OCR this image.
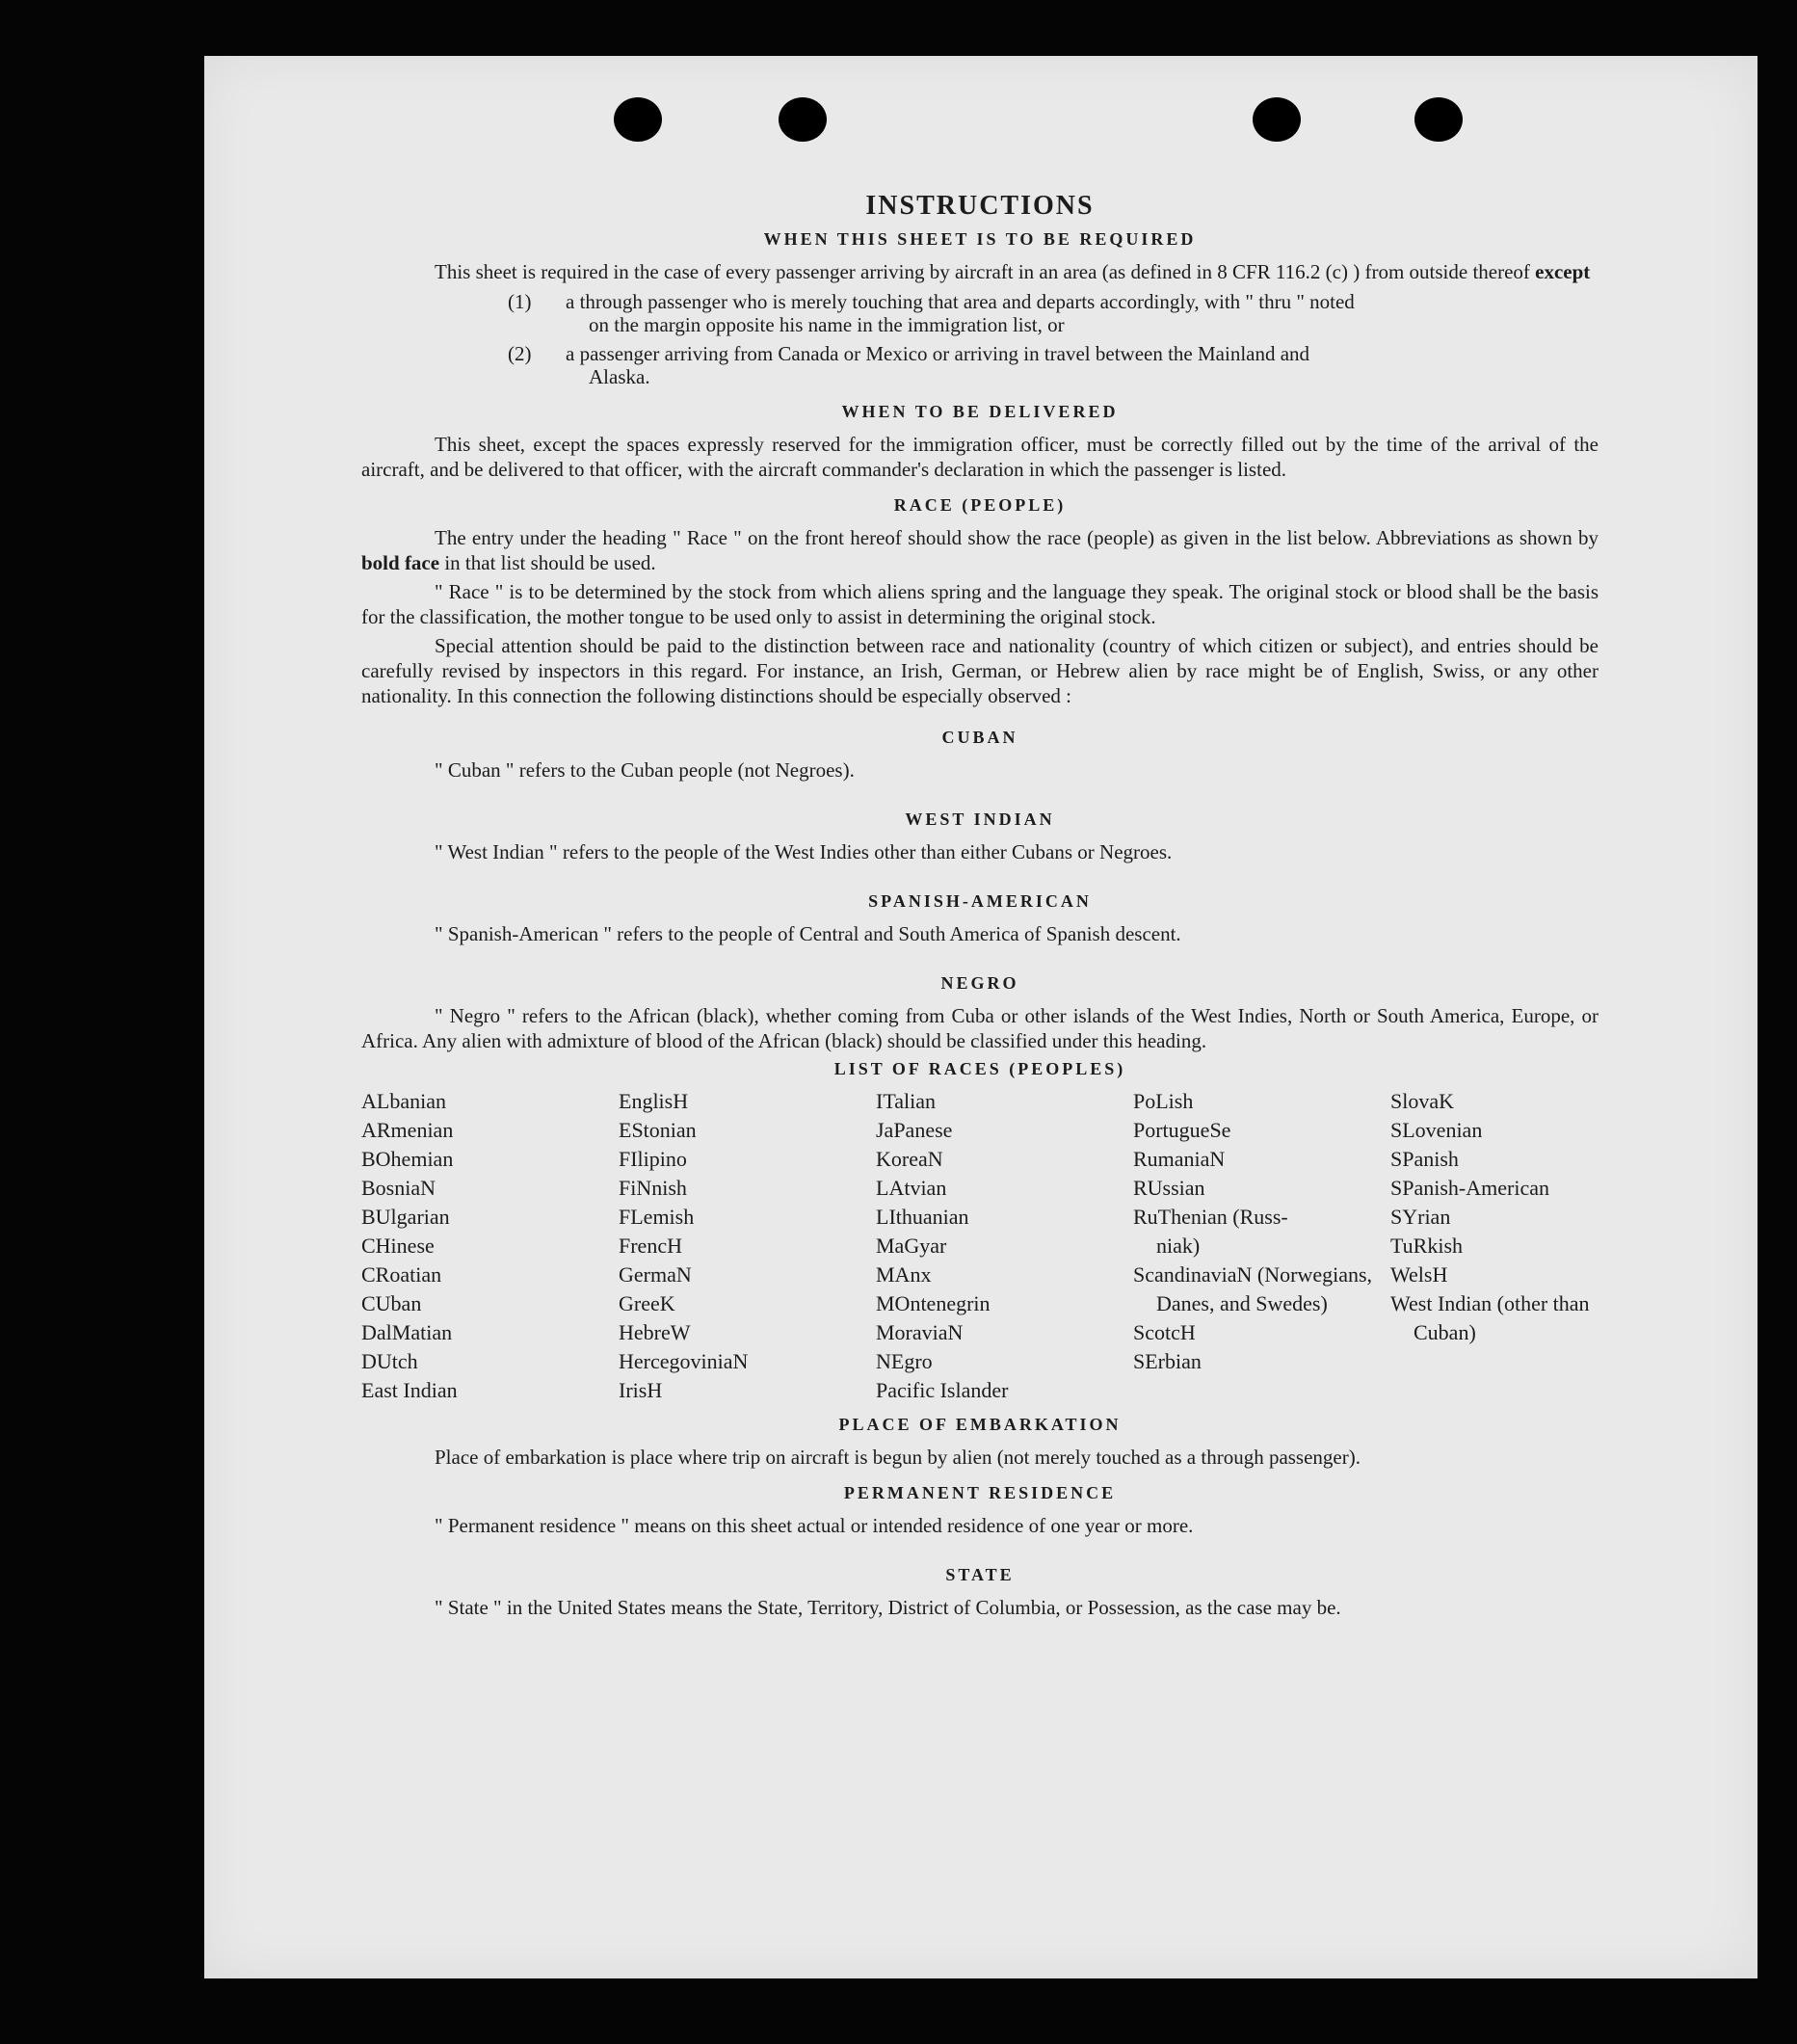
INSTRUCTIONS
WHEN THIS SHEET IS TO BE REQUIRED

This sheet is required in the case of every passenger arriving by aircraft in an area (as defined in 8 CFR 116.2 (c) ) from outside thereof except

(1)	a through passenger who is merely touching that area and departs accordingly, with " thru " noted
on the margin opposite his name in the immigration list, or
(2)	a passenger arriving from Canada or Mexico or arriving in travel between the Mainland and
Alaska.
WHEN TO BE DELIVERED

This sheet, except the spaces expressly reserved for the immigration officer, must be correctly filled out by the time of the arrival of the aircraft, and be delivered to that officer, with the aircraft commander's declaration in which the passenger is listed.

RACE (PEOPLE)

The entry under the heading " Race " on the front hereof should show the race (people) as given in the list below. Abbreviations as shown by bold face in that list should be used.

" Race " is to be determined by the stock from which aliens spring and the language they speak. The original stock or blood shall be the basis for the classification, the mother tongue to be used only to assist in determining the original stock.

Special attention should be paid to the distinction between race and nationality (country of which citizen or subject), and entries should be carefully revised by inspectors in this regard. For instance, an Irish, German, or Hebrew alien by race might be of English, Swiss, or any other nationality. In this connection the following distinctions should be especially observed :

CUBAN
" Cuban " refers to the Cuban people (not Negroes).
WEST INDIAN
" West Indian " refers to the people of the West Indies other than either Cubans or Negroes.
SPANISH-AMERICAN
" Spanish-American " refers to the people of Central and South America of Spanish descent.
NEGRO

" Negro " refers to the African (black), whether coming from Cuba or other islands of the West Indies, North or South America, Europe, or Africa. Any alien with admixture of blood of the African (black) should be classified under this heading.

LIST OF RACES (PEOPLES)
ALbanian
ARmenian
BOhemian
BosniaN
BUlgarian
CHinese
CRoatian
CUban
DalMatian
DUtch
East Indian
EnglisH
EStonian
FIlipino
FiNnish
FLemish
FrencH
GermaN
GreeK
HebreW
HercegoviniaN
IrisH
ITalian
JaPanese
KoreaN
LAtvian
LIthuanian
MaGyar
MAnx
MOntenegrin
MoraviaN
NEgro
Pacific Islander
PoLish
PortugueSe
RumaniaN
RUssian
RuThenian (Russ-
niak)
ScandinaviaN (Norwegians, Danes, and Swedes)
ScotcH
SErbian
SlovaK
SLovenian
SPanish
SPanish-American
SYrian
TuRkish
WelsH
West Indian (other than Cuban)
PLACE OF EMBARKATION

Place of embarkation is place where trip on aircraft is begun by alien (not merely touched as a through passenger).

PERMANENT RESIDENCE
" Permanent residence " means on this sheet actual or intended residence of one year or more.
STATE

" State " in the United States means the State, Territory, District of Columbia, or Possession, as the case may be.
